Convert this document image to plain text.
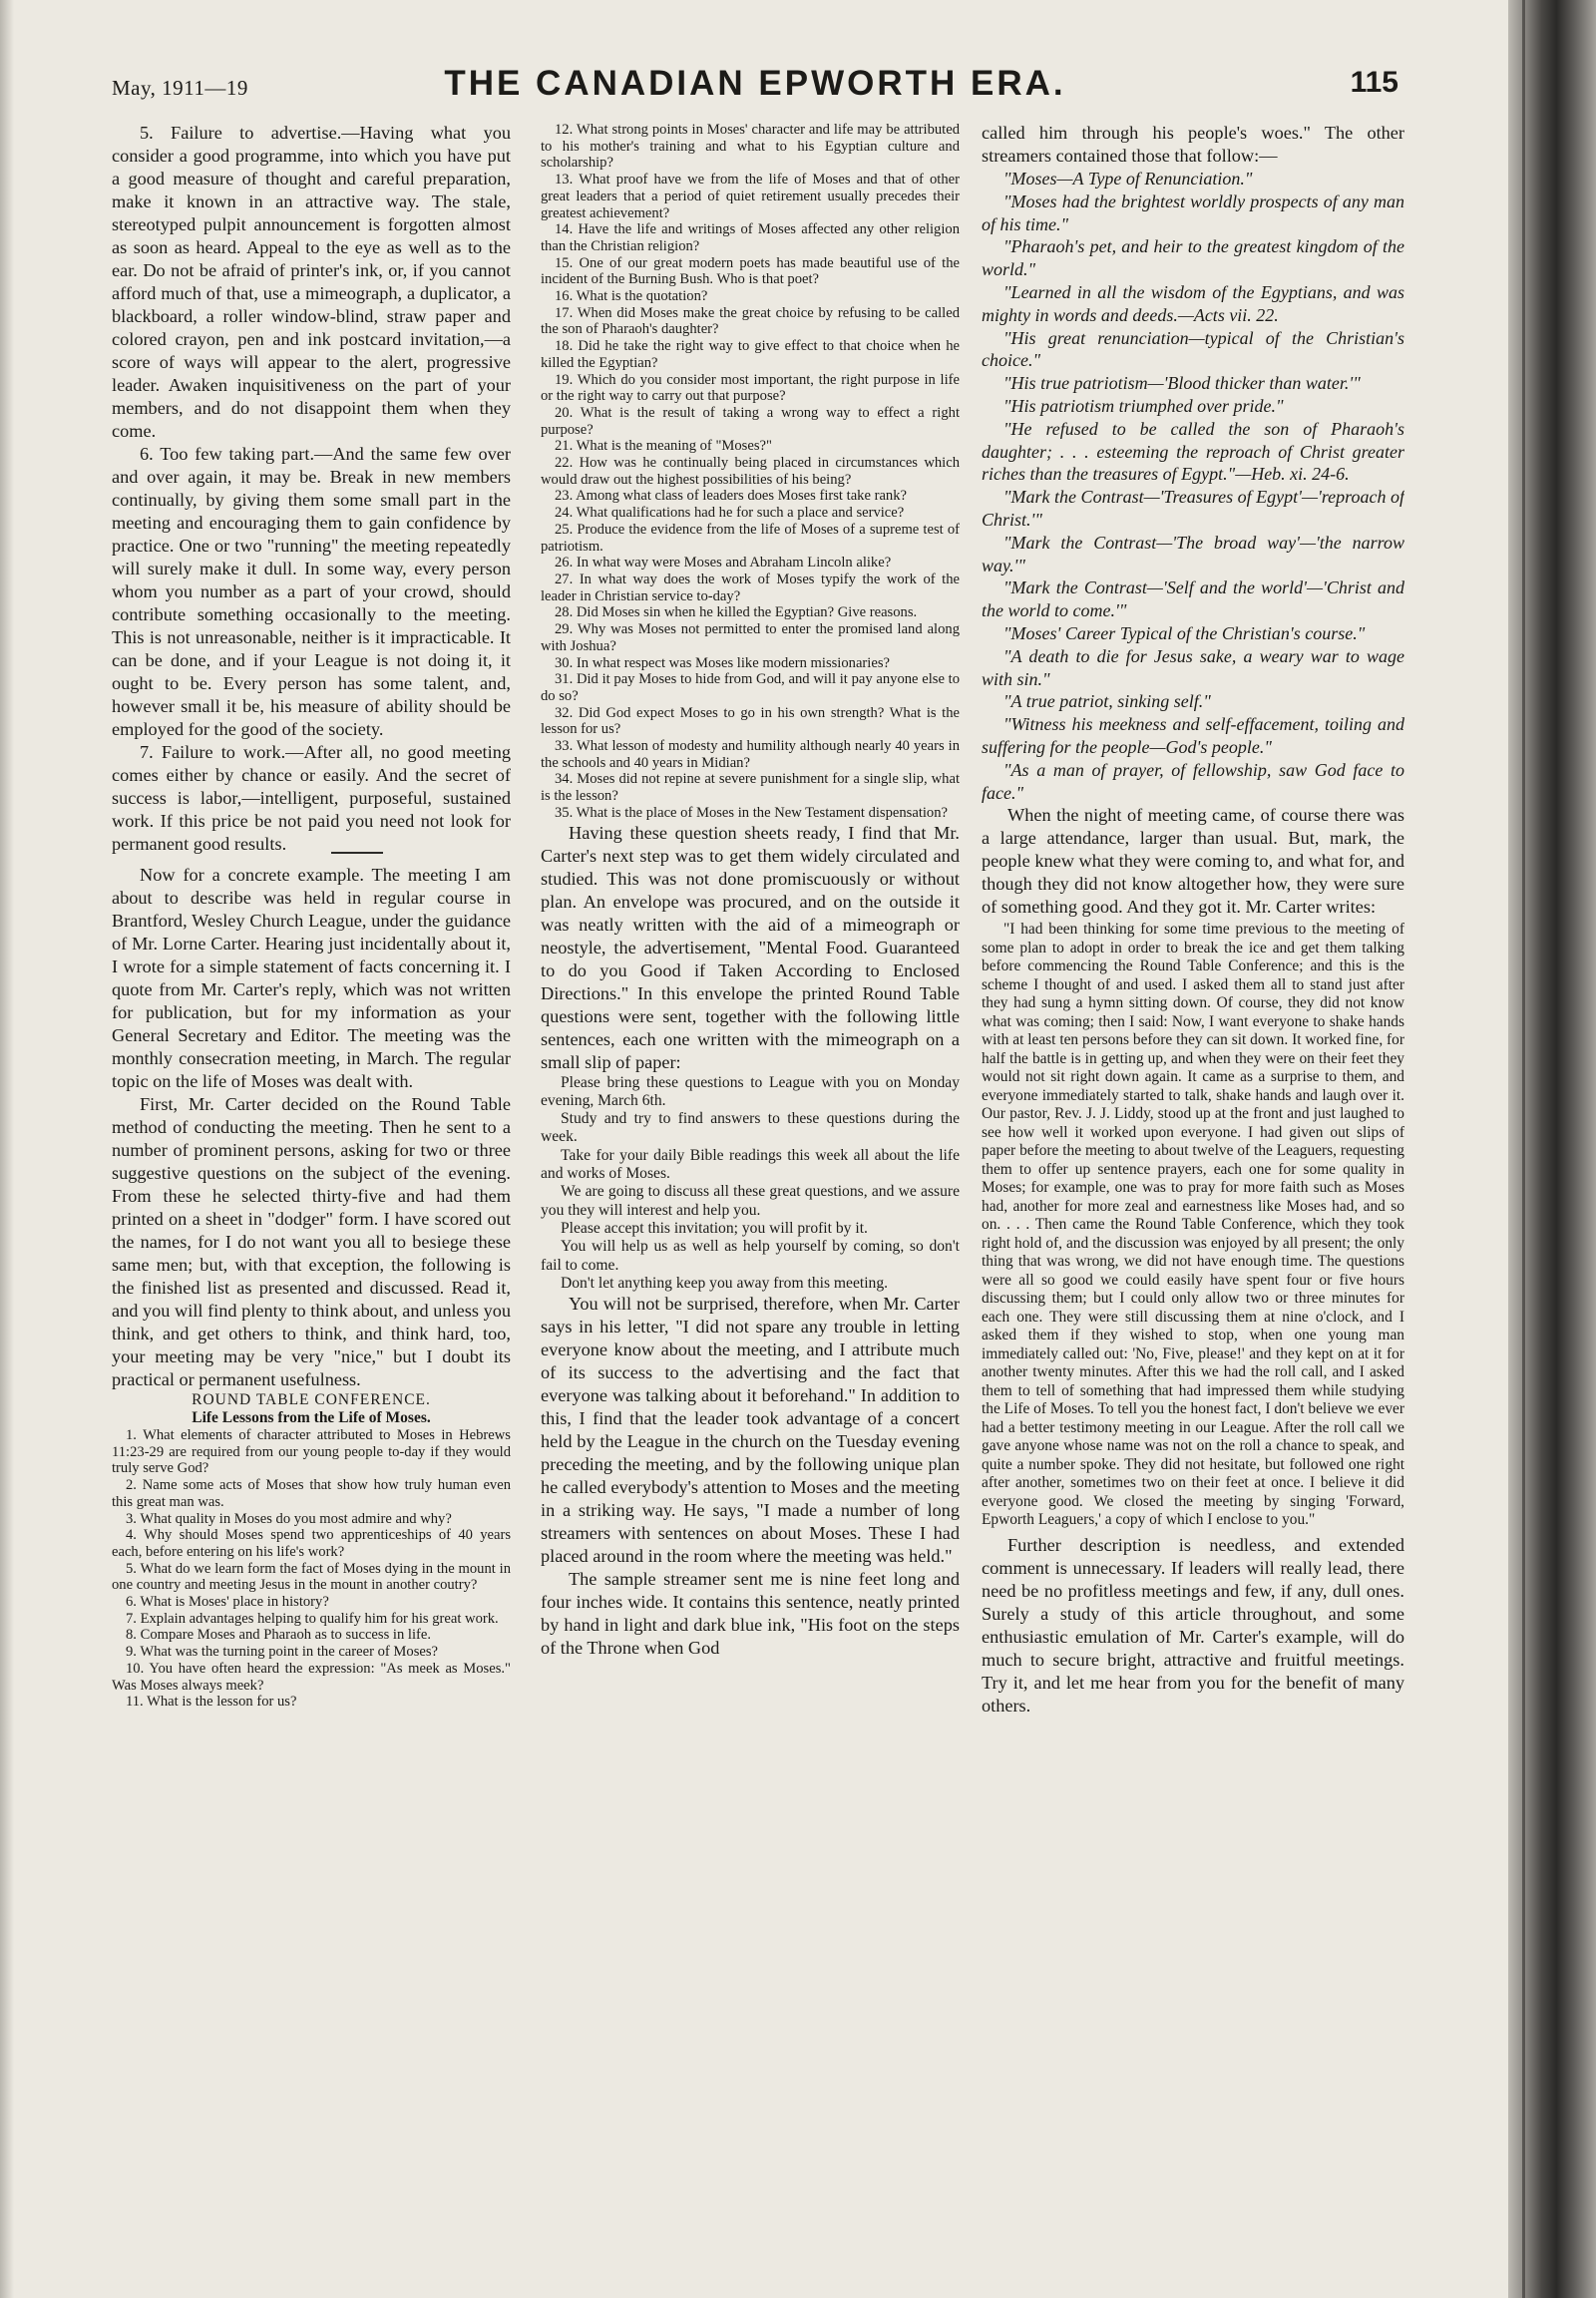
May, 1911—19	THE CANADIAN EPWORTH ERA.	115

5. Failure to advertise.—Having what you consider a good programme, into which you have put a good measure of thought and careful preparation, make it known in an attractive way. The stale, stereotyped pulpit announcement is forgotten almost as soon as heard. Appeal to the eye as well as to the ear. Do not be afraid of printer's ink, or, if you cannot afford much of that, use a mimeograph, a duplicator, a blackboard, a roller window-blind, straw paper and colored crayon, pen and ink postcard invitation,—a score of ways will appear to the alert, progressive leader. Awaken inquisitiveness on the part of your members, and do not disappoint them when they come.

6. Too few taking part.—And the same few over and over again, it may be. Break in new members continually, by giving them some small part in the meeting and encouraging them to gain confidence by practice. One or two "running" the meeting repeatedly will surely make it dull. In some way, every person whom you number as a part of your crowd, should contribute something occasionally to the meeting. This is not unreasonable, neither is it impracticable. It can be done, and if your League is not doing it, it ought to be. Every person has some talent, and, however small it be, his measure of ability should be employed for the good of the society.

7. Failure to work.—After all, no good meeting comes either by chance or easily. And the secret of success is labor,—intelligent, purposeful, sustained work. If this price be not paid you need not look for permanent good results.

Now for a concrete example. The meeting I am about to describe was held in regular course in Brantford, Wesley Church League, under the guidance of Mr. Lorne Carter. Hearing just incidentally about it, I wrote for a simple statement of facts concerning it. I quote from Mr. Carter's reply, which was not written for publication, but for my information as your General Secretary and Editor. The meeting was the monthly consecration meeting, in March. The regular topic on the life of Moses was dealt with.

First, Mr. Carter decided on the Round Table method of conducting the meeting. Then he sent to a number of prominent persons, asking for two or three suggestive questions on the subject of the evening. From these he selected thirty-five and had them printed on a sheet in "dodger" form. I have scored out the names, for I do not want you all to besiege these same men; but, with that exception, the following is the finished list as presented and discussed. Read it, and you will find plenty to think about, and unless you think, and get others to think, and think hard, too, your meeting may be very "nice," but I doubt its practical or permanent usefulness.

ROUND TABLE CONFERENCE.

Life Lessons from the Life of Moses.

1. What elements of character attributed to Moses in Hebrews 11:23-29 are required from our young people to-day if they would truly serve God?

2. Name some acts of Moses that show how truly human even this great man was.

3. What quality in Moses do you most admire and why?

4. Why should Moses spend two apprenticeships of 40 years each, before entering on his life's work?

5. What do we learn form the fact of Moses dying in the mount in one country and meeting Jesus in the mount in another coutry?

6. What is Moses' place in history?

7. Explain advantages helping to qualify him for his great work.

8. Compare Moses and Pharaoh as to success in life.

9. What was the turning point in the career of Moses?

10. You have often heard the expression: "As meek as Moses." Was Moses always meek?

11. What is the lesson for us?

12. What strong points in Moses' character and life may be attributed to his mother's training and what to his Egyptian culture and scholarship?

13. What proof have we from the life of Moses and that of other great leaders that a period of quiet retirement usually precedes their greatest achievement?

14. Have the life and writings of Moses affected any other religion than the Christian religion?

15. One of our great modern poets has made beautiful use of the incident of the Burning Bush. Who is that poet?

16. What is the quotation?

17. When did Moses make the great choice by refusing to be called the son of Pharaoh's daughter?

18. Did he take the right way to give effect to that choice when he killed the Egyptian?

19. Which do you consider most important, the right purpose in life or the right way to carry out that purpose?

20. What is the result of taking a wrong way to effect a right purpose?

21. What is the meaning of "Moses?"

22. How was he continually being placed in circumstances which would draw out the highest possibilities of his being?

23. Among what class of leaders does Moses first take rank?

24. What qualifications had he for such a place and service?

25. Produce the evidence from the life of Moses of a supreme test of patriotism.

26. In what way were Moses and Abraham Lincoln alike?

27. In what way does the work of Moses typify the work of the leader in Christian service to-day?

28. Did Moses sin when he killed the Egyptian? Give reasons.

29. Why was Moses not permitted to enter the promised land along with Joshua?

30. In what respect was Moses like modern missionaries?

31. Did it pay Moses to hide from God, and will it pay anyone else to do so?

32. Did God expect Moses to go in his own strength? What is the lesson for us?

33. What lesson of modesty and humility although nearly 40 years in the schools and 40 years in Midian?

34. Moses did not repine at severe punishment for a single slip, what is the lesson?

35. What is the place of Moses in the New Testament dispensation?

Having these question sheets ready, I find that Mr. Carter's next step was to get them widely circulated and studied. This was not done promiscuously or without plan. An envelope was procured, and on the outside it was neatly written with the aid of a mimeograph or neostyle, the advertisement, "Mental Food. Guaranteed to do you Good if Taken According to Enclosed Directions." In this envelope the printed Round Table questions were sent, together with the following little sentences, each one written with the mimeograph on a small slip of paper:

Please bring these questions to League with you on Monday evening, March 6th.

Study and try to find answers to these questions during the week.

Take for your daily Bible readings this week all about the life and works of Moses.

We are going to discuss all these great questions, and we assure you they will interest and help you.

Please accept this invitation; you will profit by it.

You will help us as well as help yourself by coming, so don't fail to come.

Don't let anything keep you away from this meeting.

You will not be surprised, therefore, when Mr. Carter says in his letter, "I did not spare any trouble in letting everyone know about the meeting, and I attribute much of its success to the advertising and the fact that everyone was talking about it beforehand." In addition to this, I find that the leader took advantage of a concert held by the League in the church on the Tuesday evening preceding the meeting, and by the following unique plan he called everybody's attention to Moses and the meeting in a striking way. He says, "I made a number of long streamers with sentences on about Moses. These I had placed around in the room where the meeting was held."

The sample streamer sent me is nine feet long and four inches wide. It contains this sentence, neatly printed by hand in light and dark blue ink, "His foot on the steps of the Throne when God

called him through his people's woes." The other streamers contained those that follow:—

"Moses—A Type of Renunciation."

"Moses had the brightest worldly prospects of any man of his time."

"Pharaoh's pet, and heir to the greatest kingdom of the world."

"Learned in all the wisdom of the Egyptians, and was mighty in words and deeds.—Acts vii. 22.

"His great renunciation—typical of the Christian's choice."

"His true patriotism—'Blood thicker than water.'"

"His patriotism triumphed over pride."

"He refused to be called the son of Pharaoh's daughter; . . . esteeming the reproach of Christ greater riches than the treasures of Egypt."—Heb. xi. 24-6.

"Mark the Contrast—'Treasures of Egypt'—'reproach of Christ.'"

"Mark the Contrast—'The broad way'—'the narrow way.'"

"Mark the Contrast—'Self and the world'—'Christ and the world to come.'"

"Moses' Career Typical of the Christian's course."

"A death to die for Jesus sake, a weary war to wage with sin."

"A true patriot, sinking self."

"Witness his meekness and self-effacement, toiling and suffering for the people—God's people."

"As a man of prayer, of fellowship, saw God face to face."

When the night of meeting came, of course there was a large attendance, larger than usual. But, mark, the people knew what they were coming to, and what for, and though they did not know altogether how, they were sure of something good. And they got it. Mr. Carter writes:

"I had been thinking for some time previous to the meeting of some plan to adopt in order to break the ice and get them talking before commencing the Round Table Conference; and this is the scheme I thought of and used. I asked them all to stand just after they had sung a hymn sitting down. Of course, they did not know what was coming; then I said: Now, I want everyone to shake hands with at least ten persons before they can sit down. It worked fine, for half the battle is in getting up, and when they were on their feet they would not sit right down again. It came as a surprise to them, and everyone immediately started to talk, shake hands and laugh over it. Our pastor, Rev. J. J. Liddy, stood up at the front and just laughed to see how well it worked upon everyone. I had given out slips of paper before the meeting to about twelve of the Leaguers, requesting them to offer up sentence prayers, each one for some quality in Moses; for example, one was to pray for more faith such as Moses had, another for more zeal and earnestness like Moses had, and so on. . . . Then came the Round Table Conference, which they took right hold of, and the discussion was enjoyed by all present; the only thing that was wrong, we did not have enough time. The questions were all so good we could easily have spent four or five hours discussing them; but I could only allow two or three minutes for each one. They were still discussing them at nine o'clock, and I asked them if they wished to stop, when one young man immediately called out: 'No, Five, please!' and they kept on at it for another twenty minutes. After this we had the roll call, and I asked them to tell of something that had impressed them while studying the Life of Moses. To tell you the honest fact, I don't believe we ever had a better testimony meeting in our League. After the roll call we gave anyone whose name was not on the roll a chance to speak, and quite a number spoke. They did not hesitate, but followed one right after another, sometimes two on their feet at once. I believe it did everyone good. We closed the meeting by singing 'Forward, Epworth Leaguers,' a copy of which I enclose to you."

Further description is needless, and extended comment is unnecessary. If leaders will really lead, there need be no profitless meetings and few, if any, dull ones. Surely a study of this article throughout, and some enthusiastic emulation of Mr. Carter's example, will do much to secure bright, attractive and fruitful meetings. Try it, and let me hear from you for the benefit of many others.
